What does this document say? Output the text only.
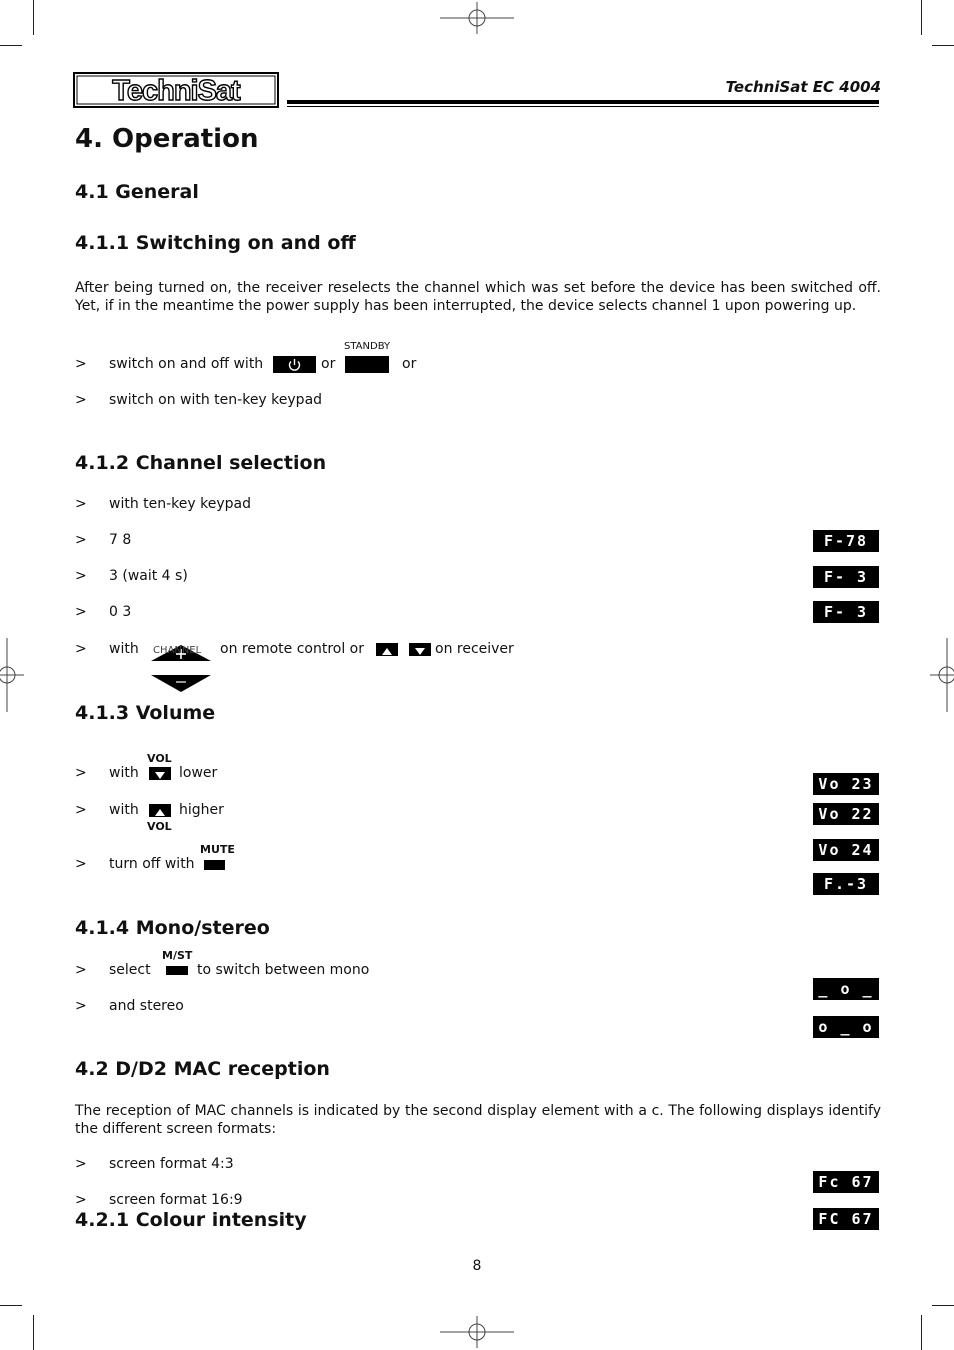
TechniSat	TechniSat EC 4004
4. Operation
4.1 General
4.1.1 Switching on and off
After being turned on, the receiver reselects the channel which was set before the device has been switched off. Yet, if in the meantime the power supply has been interrupted, the device selects channel 1 upon powering up.
STANDBY
> switch on and off with	or	or
> switch on with ten-key keypad
4.1.2 Channel selection
> with ten-key keypad
> 7 8	F-78
> 3 (wait 4 s)	F- 3
> 0 3	F- 3
> with CHANNEL on remote control or	on receiver
4.1.3 Volume
VOL
> with	lower
> with	higher
VOL
MUTE
> turn off with
Vo 23
Vo 22
Vo 24
F.-3
4.1.4 Mono/stereo
M/ST
> select	to switch between mono
> and stereo
_ o _
o _ o
4.2 D/D2 MAC reception
The reception of MAC channels is indicated by the second display element with a c. The following displays identify the different screen formats:
> screen format 4:3
Fc 67
> screen format 16:9
FC 67
4.2.1 Colour intensity
8
